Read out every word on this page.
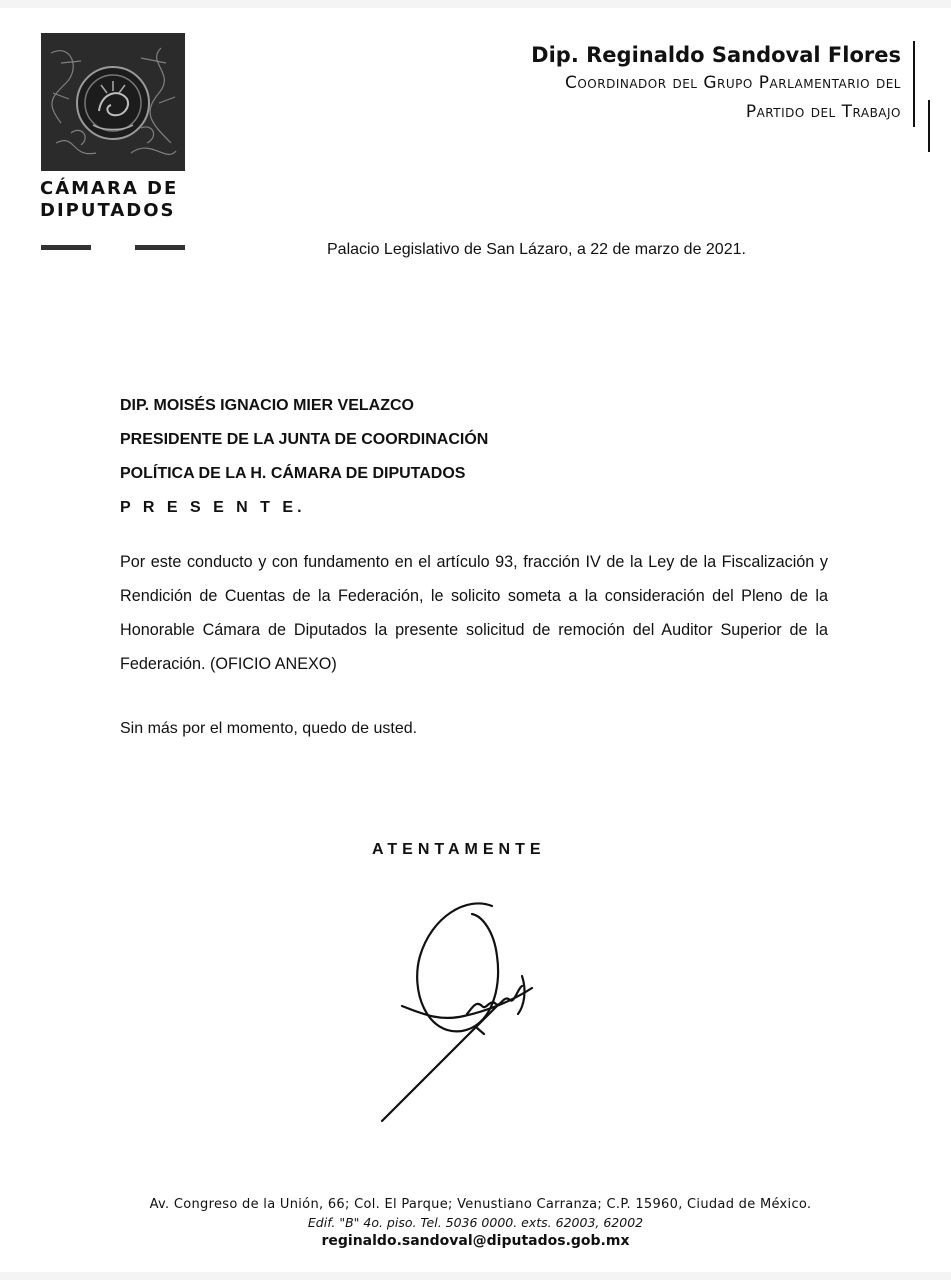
CÁMARA DE
DIPUTADOS
Dip. Reginaldo Sandoval Flores
Coordinador del Grupo Parlamentario del
Partido del Trabajo
Palacio Legislativo de San Lázaro, a 22 de marzo de 2021.
DIP. MOISÉS IGNACIO MIER VELAZCO
PRESIDENTE DE LA JUNTA DE COORDINACIÓN
POLÍTICA DE LA H. CÁMARA DE DIPUTADOS
P R E S E N T E.
Por este conducto y con fundamento en el artículo 93, fracción IV de la Ley de la Fiscalización y Rendición de Cuentas de la Federación, le solicito someta a la consideración del Pleno de la Honorable Cámara de Diputados la presente solicitud de remoción del Auditor Superior de la Federación. (OFICIO ANEXO)
Sin más por el momento, quedo de usted.
ATENTAMENTE
Av. Congreso de la Unión, 66; Col. El Parque; Venustiano Carranza; C.P. 15960, Ciudad de México.
Edif. "B" 4o. piso. Tel. 5036 0000. exts. 62003, 62002
reginaldo.sandoval@diputados.gob.mx
